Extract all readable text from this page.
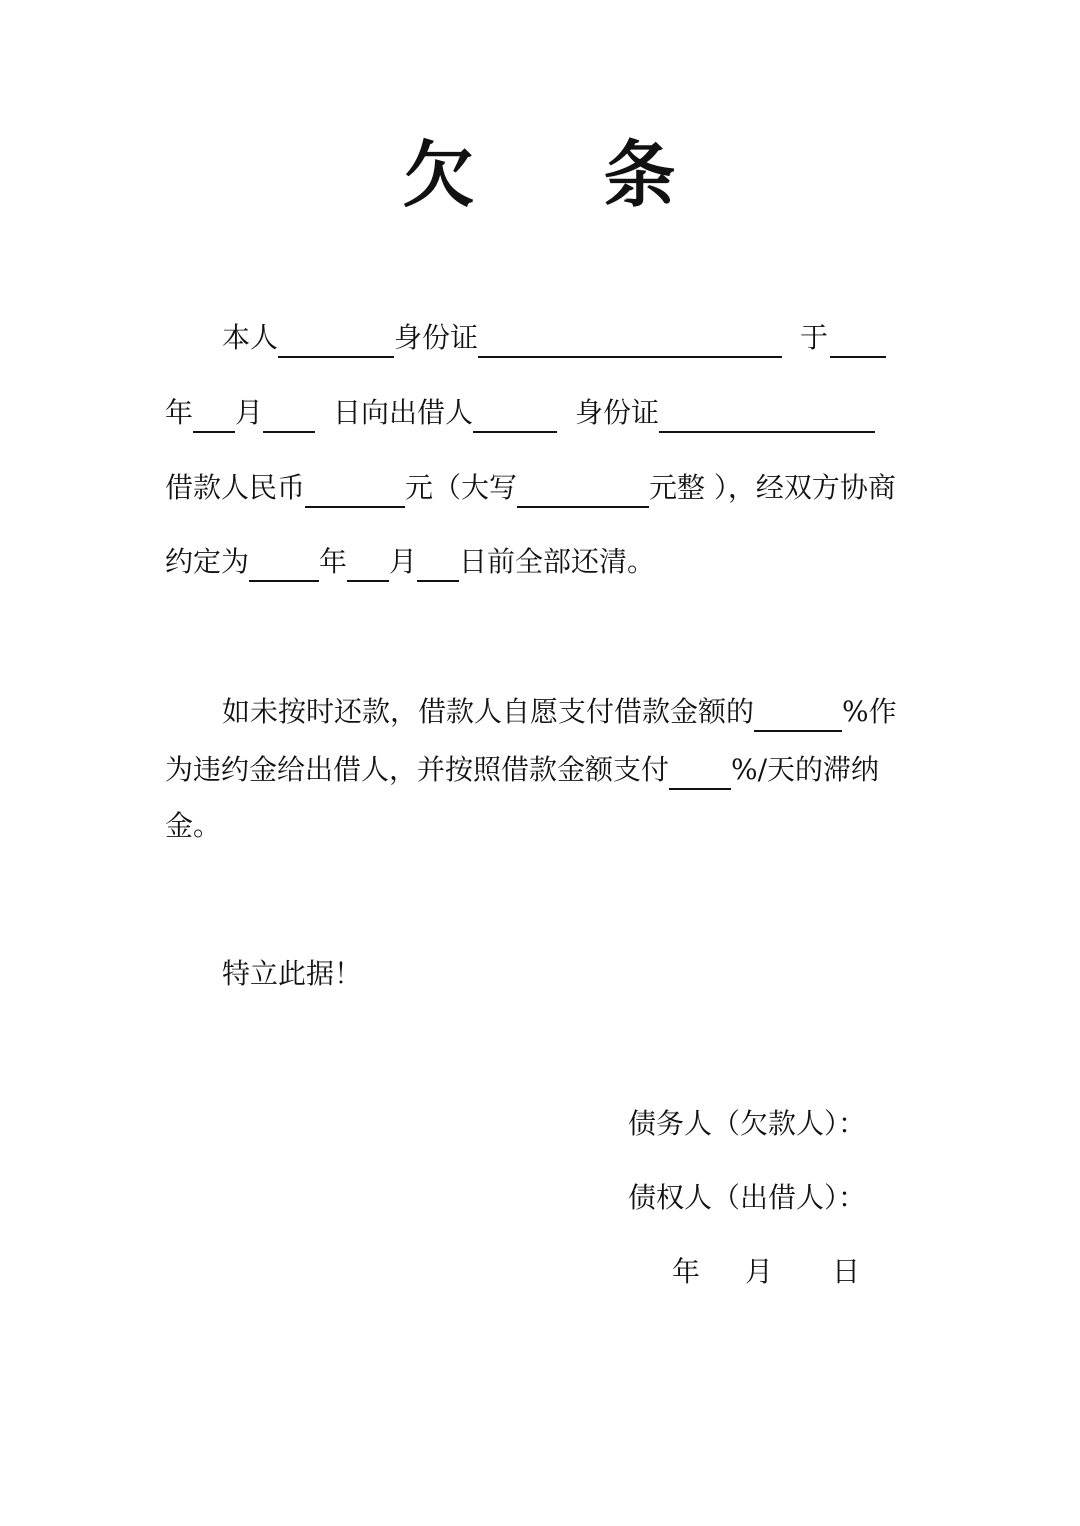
欠 条
本人	身份证	于
年 月	日向出借人	身份证
借款人民币	元（大写	元整 ），经双方协商
约定为	年 月 日前全部还清。
如未按时还款，借款人自愿支付借款金额的	%作
为违约金给出借人，并按照借款金额支付 %/天的滞纳
金。
特立此据！
债务人（欠款人）：
债权人（出借人）：
年 月 日
